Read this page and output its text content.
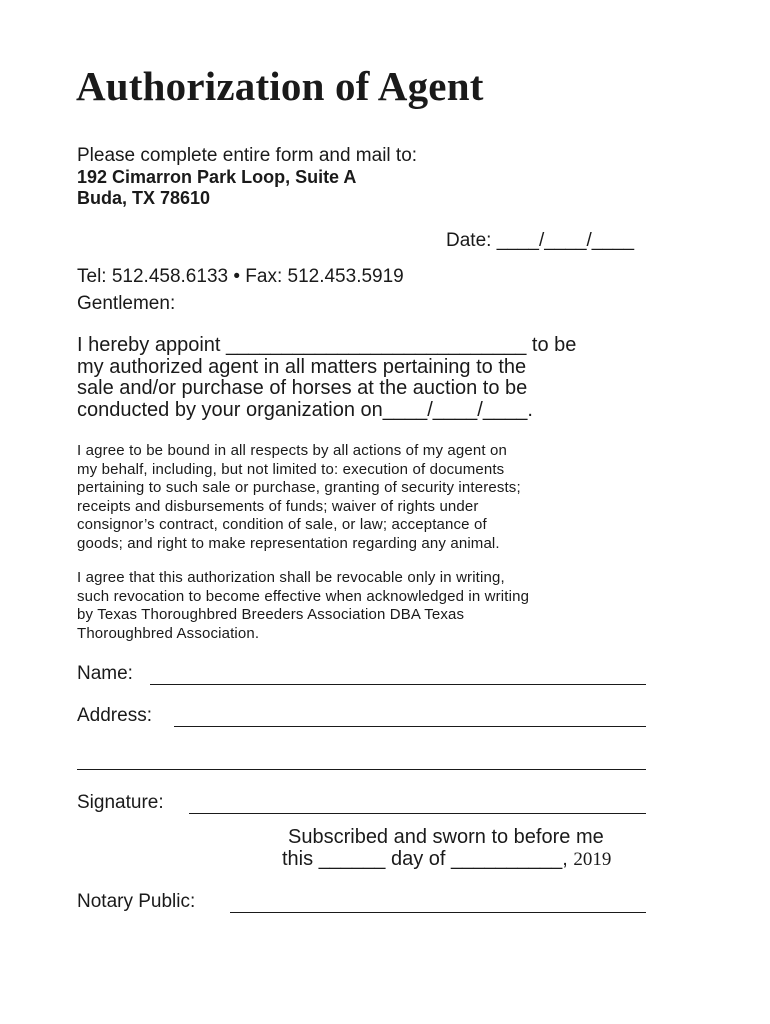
Authorization of Agent
Please complete entire form and mail to:
192 Cimarron Park Loop, Suite A
Buda, TX 78610
Date: ____/____/____
Tel: 512.458.6133 • Fax: 512.453.5919
Gentlemen:
I hereby appoint ___________________________ to be
my authorized agent in all matters pertaining to the
sale and/or purchase of horses at the auction to be
conducted by your organization on____/____/____.
I agree to be bound in all respects by all actions of my agent on
my behalf, including, but not limited to: execution of documents
pertaining to such sale or purchase, granting of security interests;
receipts and disbursements of funds; waiver of rights under
consignor’s contract, condition of sale, or law; acceptance of
goods; and right to make representation regarding any animal.
I agree that this authorization shall be revocable only in writing,
such revocation to become effective when acknowledged in writing
by Texas Thoroughbred Breeders Association DBA Texas
Thoroughbred Association.
Name:
Address:
Signature:
Subscribed and sworn to before me
this ______ day of __________, 2019
Notary Public:
